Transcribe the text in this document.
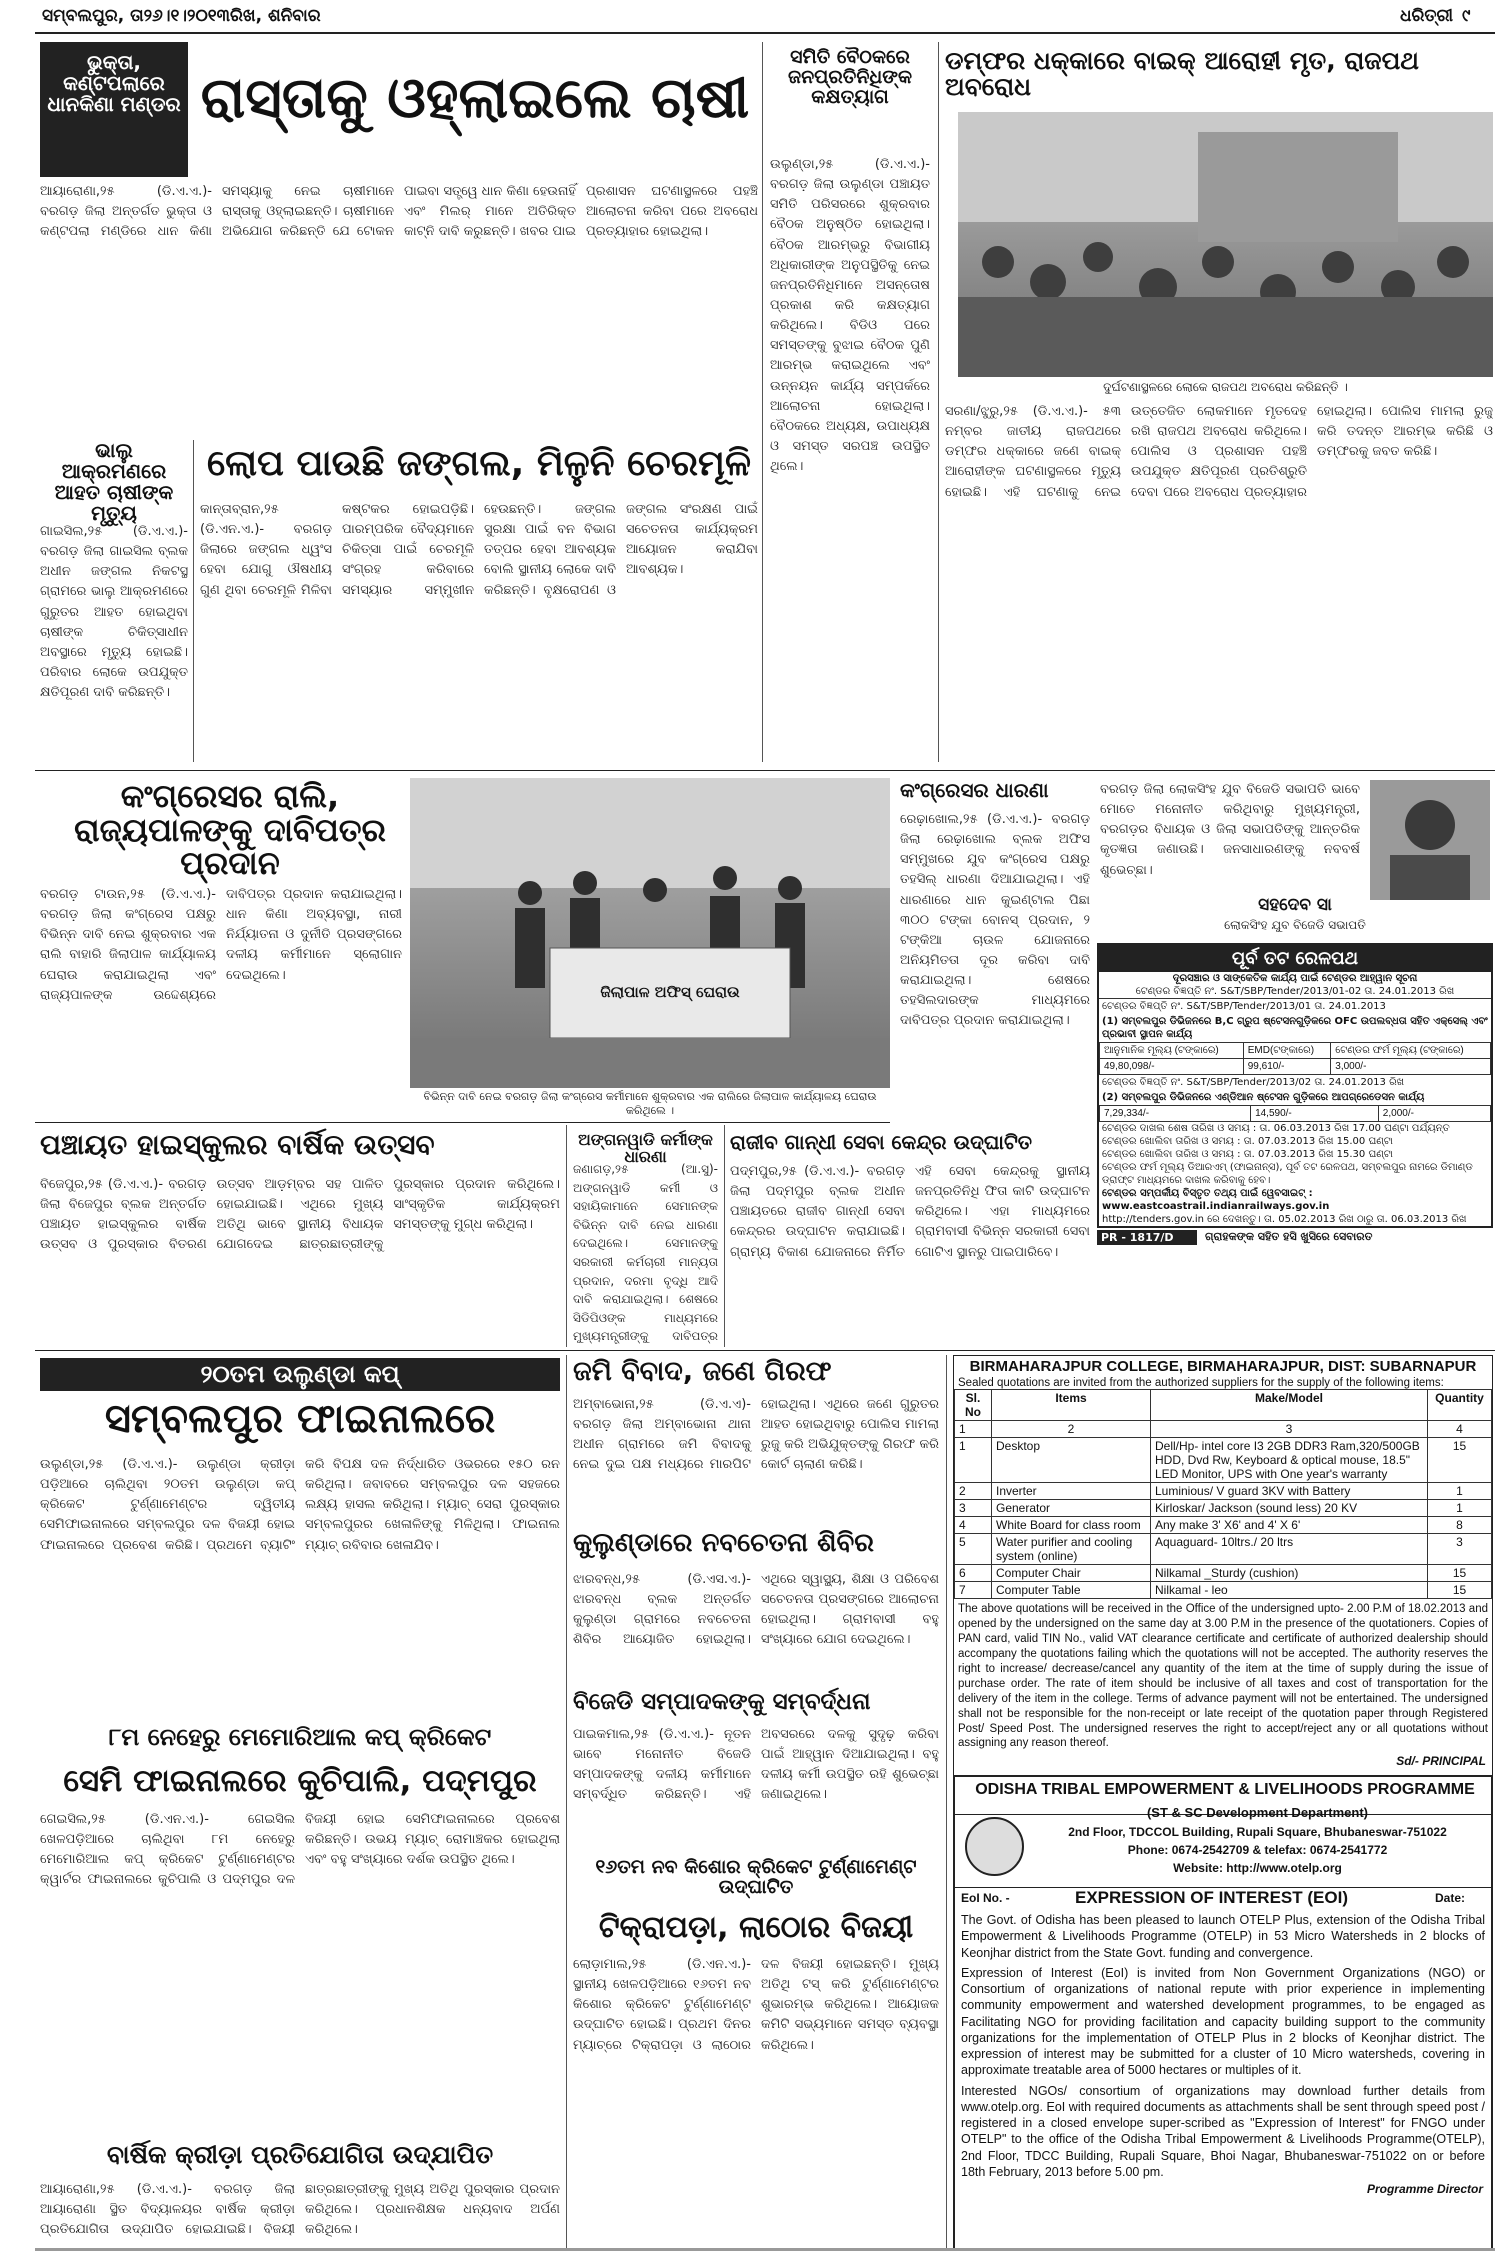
ସମ୍ବଲପୁର, ତା୨୬।୧।୨୦୧୩ରିଖ, ଶନିବାର	ଧରିତ୍ରୀ ୯
ଭୁକ୍ତା, କଣ୍ଟପଲାରେ ଧାନକିଣା ମଣ୍ଡର ରାସ୍ତାକୁ ଓହ୍ଲାଇଲେ ଚାଷୀ
ଆୟାରୋଣା,୨୫ (ଡି.ଏ.ଏ.)- ବରଗଡ଼ ଜିଲା ଅନ୍ତର୍ଗତ ଭୁକ୍ତା ଓ କଣ୍ଟପଲା ମଣ୍ଡିରେ ଧାନ କିଣା ସମସ୍ୟାକୁ ନେଇ ଚାଷୀମାନେ ରାସ୍ତାକୁ ଓହ୍ଲାଇଛନ୍ତି। ଚାଷୀମାନେ ଅଭିଯୋଗ କରିଛନ୍ତି ଯେ ଟୋକନ ପାଇବା ସତ୍ତ୍ୱେ ଧାନ କିଣା ହେଉନାହିଁ ଏବଂ ମିଲର୍ ମାନେ ଅତିରିକ୍ତ କାଟ୍‌ନି ଦାବି କରୁଛନ୍ତି। ଖବର ପାଇ ପ୍ରଶାସନ ଘଟଣାସ୍ଥଳରେ ପହଞ୍ଚି ଆଲୋଚନା କରିବା ପରେ ଅବରୋଧ ପ୍ରତ୍ୟାହାର ହୋଇଥିଲା।
ସମିତି ବୈଠକରେ ଜନପ୍ରତିନିଧିଙ୍କ କକ୍ଷତ୍ୟାଗ
ଉଲୁଣ୍ଡା,୨୫ (ଡି.ଏ.ଏ.)- ବରଗଡ଼ ଜିଲା ଉଲୁଣ୍ଡା ପଞ୍ଚାୟତ ସମିତି ପରିସରରେ ଶୁକ୍ରବାର ବୈଠକ ଅନୁଷ୍ଠିତ ହୋଇଥିଲା। ବୈଠକ ଆରମ୍ଭରୁ ବିଭାଗୀୟ ଅଧିକାରୀଙ୍କ ଅନୁପସ୍ଥିତିକୁ ନେଇ ଜନପ୍ରତିନିଧିମାନେ ଅସନ୍ତୋଷ ପ୍ରକାଶ କରି କକ୍ଷତ୍ୟାଗ କରିଥିଲେ। ବିଡିଓ ପରେ ସମସ୍ତଙ୍କୁ ବୁଝାଇ ବୈଠକ ପୁଣି ଆରମ୍ଭ କରାଇଥିଲେ ଏବଂ ଉନ୍ନୟନ କାର୍ଯ୍ୟ ସମ୍ପର୍କରେ ଆଲୋଚନା ହୋଇଥିଲା। ବୈଠକରେ ଅଧ୍ୟକ୍ଷ, ଉପାଧ୍ୟକ୍ଷ ଓ ସମସ୍ତ ସରପଞ୍ଚ ଉପସ୍ଥିତ ଥିଲେ।
ଡମ୍ଫର ଧକ୍କାରେ ବାଇକ୍ ଆରୋହୀ ମୃତ, ରାଜପଥ ଅବରୋଧ
ଦୁର୍ଘଟଣାସ୍ଥଳରେ ଲୋକେ ରାଜପଥ ଅବରୋଧ କରିଛନ୍ତି ।
ସରଣା/ଝୁରୁ,୨୫ (ଡି.ଏ.ଏ.)- ୫୩ ନମ୍ବର ଜାତୀୟ ରାଜପଥରେ ଡମ୍ଫର ଧକ୍କାରେ ଜଣେ ବାଇକ୍ ଆରୋହୀଙ୍କ ଘଟଣାସ୍ଥଳରେ ମୃତ୍ୟୁ ହୋଇଛି। ଏହି ଘଟଣାକୁ ନେଇ ଉତ୍ତେଜିତ ଲୋକମାନେ ମୃତଦେହ ରଖି ରାଜପଥ ଅବରୋଧ କରିଥିଲେ। ପୋଲିସ ଓ ପ୍ରଶାସନ ପହଞ୍ଚି ଉପଯୁକ୍ତ କ୍ଷତିପୂରଣ ପ୍ରତିଶ୍ରୁତି ଦେବା ପରେ ଅବରୋଧ ପ୍ରତ୍ୟାହାର ହୋଇଥିଲା। ପୋଲିସ ମାମଲା ରୁଜୁ କରି ତଦନ୍ତ ଆରମ୍ଭ କରିଛି ଓ ଡମ୍ଫରକୁ ଜବତ କରିଛି।
ଭାଲୁ ଆକ୍ରମଣରେ ଆହତ ଚାଷୀଙ୍କ ମୃତ୍ୟୁ
ଗାଇସିଲ,୨୫ (ଡି.ଏ.ଏ.)- ବରଗଡ଼ ଜିଲା ଗାଇସିଲ ବ୍ଲକ ଅଧୀନ ଜଙ୍ଗଲ ନିକଟସ୍ଥ ଗ୍ରାମରେ ଭାଲୁ ଆକ୍ରମଣରେ ଗୁରୁତର ଆହତ ହୋଇଥିବା ଚାଷୀଙ୍କ ଚିକିତ୍ସାଧୀନ ଅବସ୍ଥାରେ ମୃତ୍ୟୁ ହୋଇଛି। ପରିବାର ଲୋକେ ଉପଯୁକ୍ତ କ୍ଷତିପୂରଣ ଦାବି କରିଛନ୍ତି।
ଲୋପ ପାଉଛି ଜଙ୍ଗଲ, ମିଳୁନି ଚେରମୂଳି
କାନ୍ତାବ୍ରାନ,୨୫ (ଡି.ଏନ.ଏ.)- ବରଗଡ଼ ଜିଲାରେ ଜଙ୍ଗଲ ଧ୍ୱଂସ ହେବା ଯୋଗୁ ଔଷଧୀୟ ଗୁଣ ଥିବା ଚେରମୂଳି ମିଳିବା କଷ୍ଟକର ହୋଇପଡ଼ିଛି। ପାରମ୍ପରିକ ବୈଦ୍ୟମାନେ ଚିକିତ୍ସା ପାଇଁ ଚେରମୂଳି ସଂଗ୍ରହ କରିବାରେ ସମସ୍ୟାର ସମ୍ମୁଖୀନ ହେଉଛନ୍ତି। ଜଙ୍ଗଲ ସୁରକ୍ଷା ପାଇଁ ବନ ବିଭାଗ ତତ୍ପର ହେବା ଆବଶ୍ୟକ ବୋଲି ସ୍ଥାନୀୟ ଲୋକେ ଦାବି କରିଛନ୍ତି। ବୃକ୍ଷରୋପଣ ଓ ଜଙ୍ଗଲ ସଂରକ୍ଷଣ ପାଇଁ ସଚେତନତା କାର୍ଯ୍ୟକ୍ରମ ଆୟୋଜନ କରାଯିବା ଆବଶ୍ୟକ।
କଂଗ୍ରେସର ରାଲି, ରାଜ୍ୟପାଳଙ୍କୁ ଦାବିପତ୍ର ପ୍ରଦାନ
ବରଗଡ଼ ଟାଉନ,୨୫ (ଡି.ଏ.ଏ.)- ବରଗଡ଼ ଜିଲା କଂଗ୍ରେସ ପକ୍ଷରୁ ବିଭିନ୍ନ ଦାବି ନେଇ ଶୁକ୍ରବାର ଏକ ରାଲି ବାହାରି ଜିଲାପାଳ କାର୍ଯ୍ୟାଳୟ ଘେରାଉ କରାଯାଇଥିଲା ଏବଂ ରାଜ୍ୟପାଳଙ୍କ ଉଦ୍ଦେଶ୍ୟରେ ଦାବିପତ୍ର ପ୍ରଦାନ କରାଯାଇଥିଲା। ଧାନ କିଣା ଅବ୍ୟବସ୍ଥା, ନାରୀ ନିର୍ଯ୍ୟାତନା ଓ ଦୁର୍ନୀତି ପ୍ରସଙ୍ଗରେ ଦଳୀୟ କର୍ମୀମାନେ ସ୍ଲୋଗାନ ଦେଇଥିଲେ।
ଜିଲାପାଳ ଅଫିସ୍ ଘେରାଉ
ବିଭିନ୍ନ ଦାବି ନେଇ ବରଗଡ଼ ଜିଲା କଂଗ୍ରେସ କର୍ମୀମାନେ ଶୁକ୍ରବାର ଏକ ରାଲିରେ ଜିଲାପାଳ କାର୍ଯ୍ୟାଳୟ ଘେରାଉ କରିଥିଲେ ।
କଂଗ୍ରେସର ଧାରଣା
ରେଢ଼ାଖୋଲ,୨୫ (ଡି.ଏ.ଏ.)- ବରଗଡ଼ ଜିଲା ରେଢ଼ାଖୋଲ ବ୍ଲକ ଅଫିସ ସମ୍ମୁଖରେ ଯୁବ କଂଗ୍ରେସ ପକ୍ଷରୁ ତହସିଲ୍ ଧାରଣା ଦିଆଯାଇଥିଲା। ଏହି ଧାରଣାରେ ଧାନ କୁଇଣ୍ଟାଲ ପିଛା ୩୦୦ ଟଙ୍କା ବୋନସ୍ ପ୍ରଦାନ, ୨ ଟଙ୍କିଆ ଚାଉଳ ଯୋଜନାରେ ଅନିୟମିତତା ଦୂର କରିବା ଦାବି କରାଯାଇଥିଲା। ଶେଷରେ ତହସିଲଦାରଙ୍କ ମାଧ୍ୟମରେ ଦାବିପତ୍ର ପ୍ରଦାନ କରାଯାଇଥିଲା।
ବରଗଡ଼ ଜିଲା ଲୋକସିଂହ ଯୁବ ବିଜେଡି ସଭାପତି ଭାବେ ମୋତେ ମନୋନୀତ କରିଥିବାରୁ ମୁଖ୍ୟମନ୍ତ୍ରୀ, ବରଗଡ଼ର ବିଧାୟକ ଓ ଜିଲା ସଭାପତିଙ୍କୁ ଆନ୍ତରିକ କୃତଜ୍ଞତା ଜଣାଉଛି। ଜନସାଧାରଣଙ୍କୁ ନବବର୍ଷ ଶୁଭେଚ୍ଛା।
ସହଦେବ ସା
ଲୋକସିଂହ ଯୁବ ବିଜେଡି ସଭାପତି
ପୂର୍ବ ତଟ ରେଳପଥ
ଦୂରସଞ୍ଚାର ଓ ସାଙ୍କେତିକ କାର୍ଯ୍ୟ ପାଇଁ ଟେଣ୍ଡର ଆହ୍ୱାନ ସୂଚନା
ଟେଣ୍ଡର ବିଜ୍ଞପ୍ତି ନଂ. S&T/SBP/Tender/2013/01-02 ତା. 24.01.2013 ରିଖ
ଟେଣ୍ଡର ବିଜ୍ଞପ୍ତି ନଂ. S&T/SBP/Tender/2013/01 ତା. 24.01.2013
(1) ସମ୍ବଲପୁର ଡିଭିଜନରେ B,C ଗ୍ରୁପ ଷ୍ଟେସନଗୁଡ଼ିକରେ OFC ଉପଲବ୍ଧତା ସହିତ ଏକ୍ସେଲ୍ ଏବଂ ପ୍ରଭାବୀ ସ୍ଥାପନ କାର୍ଯ୍ୟ
ଆନୁମାନିକ ମୂଲ୍ୟ (ଟଙ୍କାରେ)	EMD(ଟଙ୍କାରେ)	ଟେଣ୍ଡର ଫର୍ମ ମୂଲ୍ୟ (ଟଙ୍କାରେ)
49,80,098/-	99,610/-	3,000/-
ଟେଣ୍ଡର ବିଜ୍ଞପ୍ତି ନଂ. S&T/SBP/Tender/2013/02 ତା. 24.01.2013 ରିଖ
(2) ସମ୍ବଲପୁର ଡିଭିଜନରେ ଏଣ୍ଡିଆନ ଷ୍ଟେସନ ଗୁଡ଼ିକରେ ଆପଗ୍ରେଡେସନ କାର୍ଯ୍ୟ
7,29,334/-	14,590/-	2,000/-
ଟେଣ୍ଡର ଦାଖଲ ଶେଷ ତାରିଖ ଓ ସମୟ : ତା. 06.03.2013 ରିଖ 17.00 ଘଣ୍ଟା ପର୍ଯ୍ୟନ୍ତ
ଟେଣ୍ଡର ଖୋଲିବା ତାରିଖ ଓ ସମୟ : ତା. 07.03.2013 ରିଖ 15.00 ଘଣ୍ଟା
ଟେଣ୍ଡର ଖୋଲିବା ତାରିଖ ଓ ସମୟ : ତା. 07.03.2013 ରିଖ 15.30 ଘଣ୍ଟା
ଟେଣ୍ଡର ଫର୍ମ ମୂଲ୍ୟ ଡିଆରଏମ୍ (ଫାଇନାନ୍ସ), ପୂର୍ବ ତଟ ରେଳପଥ, ସମ୍ବଲପୁର ନାମରେ ଡିମାଣ୍ଡ ଡ୍ରାଫ୍ଟ ମାଧ୍ୟମରେ ଦାଖଲ କରିବାକୁ ହେବ।
ଟେଣ୍ଡର ସମ୍ପର୍କୀୟ ବିସ୍ତୃତ ତଥ୍ୟ ପାଇଁ ୱେବସାଇଟ୍ : www.eastcoastrail.indianrailways.gov.in
http://tenders.gov.in ରେ ଦେଖନ୍ତୁ। ତା. 05.02.2013 ରିଖ ଠାରୁ ତା. 06.03.2013 ରିଖ
PR - 1817/D	ଗ୍ରାହକଙ୍କ ସହିତ ହସି ଖୁସିରେ ସେବାରତ
ପଞ୍ଚାୟତ ହାଇସ୍କୁଲର ବାର୍ଷିକ ଉତ୍ସବ
ବିଜେପୁର,୨୫ (ଡି.ଏ.ଏ.)- ବରଗଡ଼ ଜିଲା ବିଜେପୁର ବ୍ଲକ ଅନ୍ତର୍ଗତ ପଞ୍ଚାୟତ ହାଇସ୍କୁଲର ବାର୍ଷିକ ଉତ୍ସବ ଓ ପୁରସ୍କାର ବିତରଣ ଉତ୍ସବ ଆଡ଼ମ୍ବର ସହ ପାଳିତ ହୋଇଯାଇଛି। ଏଥିରେ ମୁଖ୍ୟ ଅତିଥି ଭାବେ ସ୍ଥାନୀୟ ବିଧାୟକ ଯୋଗଦେଇ ଛାତ୍ରଛାତ୍ରୀଙ୍କୁ ପୁରସ୍କାର ପ୍ରଦାନ କରିଥିଲେ। ସାଂସ୍କୃତିକ କାର୍ଯ୍ୟକ୍ରମ ସମସ୍ତଙ୍କୁ ମୁଗ୍ଧ କରିଥିଲା।
ଅଙ୍ଗନୱାଡି କର୍ମୀଙ୍କ ଧାରଣା
ଜଣାଗଡ଼,୨୫ (ଆ.ସୁ)- ଅଙ୍ଗନୱାଡି କର୍ମୀ ଓ ସହାୟିକାମାନେ ସେମାନଙ୍କ ବିଭିନ୍ନ ଦାବି ନେଇ ଧାରଣା ଦେଇଥିଲେ। ସେମାନଙ୍କୁ ସରକାରୀ କର୍ମଚାରୀ ମାନ୍ୟତା ପ୍ରଦାନ, ଦରମା ବୃଦ୍ଧି ଆଦି ଦାବି କରାଯାଇଥିଲା। ଶେଷରେ ସିଡିପିଓଙ୍କ ମାଧ୍ୟମରେ ମୁଖ୍ୟମନ୍ତ୍ରୀଙ୍କୁ ଦାବିପତ୍ର
ରାଜୀବ ଗାନ୍ଧୀ ସେବା କେନ୍ଦ୍ର ଉଦ୍‌ଘାଟିତ
ପଦ୍ମପୁର,୨୫ (ଡି.ଏ.ଏ.)- ବରଗଡ଼ ଜିଲା ପଦ୍ମପୁର ବ୍ଲକ ଅଧୀନ ପଞ୍ଚାୟତରେ ରାଜୀବ ଗାନ୍ଧୀ ସେବା କେନ୍ଦ୍ରର ଉଦ୍‌ଘାଟନ କରାଯାଇଛି। ଗ୍ରାମ୍ୟ ବିକାଶ ଯୋଜନାରେ ନିର୍ମିତ ଏହି ସେବା କେନ୍ଦ୍ରକୁ ସ୍ଥାନୀୟ ଜନପ୍ରତିନିଧି ଫିତା କାଟି ଉଦ୍‌ଘାଟନ କରିଥିଲେ। ଏହା ମାଧ୍ୟମରେ ଗ୍ରାମବାସୀ ବିଭିନ୍ନ ସରକାରୀ ସେବା ଗୋଟିଏ ସ୍ଥାନରୁ ପାଇପାରିବେ।
୨୦ତମ ଉଲୁଣ୍ଡା କପ୍
ସମ୍ବଲପୁର ଫାଇନାଲରେ
ଉଲୁଣ୍ଡା,୨୫ (ଡି.ଏ.ଏ.)- ଉଲୁଣ୍ଡା କ୍ରୀଡ଼ା ପଡ଼ିଆରେ ଚାଲିଥିବା ୨୦ତମ ଉଲୁଣ୍ଡା କପ୍ କ୍ରିକେଟ ଟୁର୍ଣ୍ଣାମେଣ୍ଟର ଦ୍ୱିତୀୟ ସେମିଫାଇନାଲରେ ସମ୍ବଲପୁର ଦଳ ବିଜୟୀ ହୋଇ ଫାଇନାଲରେ ପ୍ରବେଶ କରିଛି। ପ୍ରଥମେ ବ୍ୟାଟିଂ କରି ବିପକ୍ଷ ଦଳ ନିର୍ଦ୍ଧାରିତ ଓଭରରେ ୧୫୦ ରନ କରିଥିଲା। ଜବାବରେ ସମ୍ବଲପୁର ଦଳ ସହଜରେ ଲକ୍ଷ୍ୟ ହାସଲ କରିଥିଲା। ମ୍ୟାଚ୍ ସେରା ପୁରସ୍କାର ସମ୍ବଲପୁରର ଖେଳାଳିଙ୍କୁ ମିଳିଥିଲା। ଫାଇନାଲ ମ୍ୟାଚ୍ ରବିବାର ଖେଳାଯିବ।
୮ମ ନେହେରୁ ମେମୋରିଆଲ କପ୍ କ୍ରିକେଟ
ସେମି ଫାଇନାଲରେ କୁଚିପାଲି, ପଦ୍ମପୁର
ଗେଇସିଲ,୨୫ (ଡି.ଏନ.ଏ.)- ଗେଇସିଲ ଖେଳପଡ଼ିଆରେ ଚାଲିଥିବା ୮ମ ନେହେରୁ ମେମୋରିଆଲ କପ୍ କ୍ରିକେଟ ଟୁର୍ଣ୍ଣାମେଣ୍ଟର କ୍ୱାର୍ଟର ଫାଇନାଲରେ କୁଚିପାଲି ଓ ପଦ୍ମପୁର ଦଳ ବିଜୟୀ ହୋଇ ସେମିଫାଇନାଲରେ ପ୍ରବେଶ କରିଛନ୍ତି। ଉଭୟ ମ୍ୟାଚ୍ ରୋମାଞ୍ଚକର ହୋଇଥିଲା ଏବଂ ବହୁ ସଂଖ୍ୟାରେ ଦର୍ଶକ ଉପସ୍ଥିତ ଥିଲେ।
ବାର୍ଷିକ କ୍ରୀଡ଼ା ପ୍ରତିଯୋଗିତା ଉଦ୍‌ଯାପିତ
ଆୟାରୋଣା,୨୫ (ଡି.ଏ.ଏ.)- ବରଗଡ଼ ଜିଲା ଆୟାରୋଣା ସ୍ଥିତ ବିଦ୍ୟାଳୟର ବାର୍ଷିକ କ୍ରୀଡ଼ା ପ୍ରତିଯୋଗିତା ଉଦ୍‌ଯାପିତ ହୋଇଯାଇଛି। ବିଜୟୀ ଛାତ୍ରଛାତ୍ରୀଙ୍କୁ ମୁଖ୍ୟ ଅତିଥି ପୁରସ୍କାର ପ୍ରଦାନ କରିଥିଲେ। ପ୍ରଧାନଶିକ୍ଷକ ଧନ୍ୟବାଦ ଅର୍ପଣ କରିଥିଲେ।
ଜମି ବିବାଦ, ଜଣେ ଗିରଫ
ଅମ୍ବାଭୋନା,୨୫ (ଡି.ଏ.ଏ)- ବରଗଡ଼ ଜିଲା ଅମ୍ବାଭୋନା ଥାନା ଅଧୀନ ଗ୍ରାମରେ ଜମି ବିବାଦକୁ ନେଇ ଦୁଇ ପକ୍ଷ ମଧ୍ୟରେ ମାରପିଟ ହୋଇଥିଲା। ଏଥିରେ ଜଣେ ଗୁରୁତର ଆହତ ହୋଇଥିବାରୁ ପୋଲିସ ମାମଲା ରୁଜୁ କରି ଅଭିଯୁକ୍ତଙ୍କୁ ଗିରଫ କରି କୋର୍ଟ ଚାଲାଣ କରିଛି।
କୁଲୁଣ୍ଡାରେ ନବଚେତନା ଶିବିର
ଝାରବନ୍ଧ,୨୫ (ଡି.ଏସ.ଏ.)- ଝାରବନ୍ଧ ବ୍ଲକ ଅନ୍ତର୍ଗତ କୁଲୁଣ୍ଡା ଗ୍ରାମରେ ନବଚେତନା ଶିବିର ଆୟୋଜିତ ହୋଇଥିଲା। ଏଥିରେ ସ୍ୱାସ୍ଥ୍ୟ, ଶିକ୍ଷା ଓ ପରିବେଶ ସଚେତନତା ପ୍ରସଙ୍ଗରେ ଆଲୋଚନା ହୋଇଥିଲା। ଗ୍ରାମବାସୀ ବହୁ ସଂଖ୍ୟାରେ ଯୋଗ ଦେଇଥିଲେ।
ବିଜେଡି ସମ୍ପାଦକଙ୍କୁ ସମ୍ବର୍ଦ୍ଧନା
ପାଇକମାଲ,୨୫ (ଡି.ଏ.ଏ.)- ନୂତନ ଭାବେ ମନୋନୀତ ବିଜେଡି ସମ୍ପାଦକଙ୍କୁ ଦଳୀୟ କର୍ମୀମାନେ ସମ୍ବର୍ଦ୍ଧିତ କରିଛନ୍ତି। ଏହି ଅବସରରେ ଦଳକୁ ସୁଦୃଢ଼ କରିବା ପାଇଁ ଆହ୍ୱାନ ଦିଆଯାଇଥିଲା। ବହୁ ଦଳୀୟ କର୍ମୀ ଉପସ୍ଥିତ ରହି ଶୁଭେଚ୍ଛା ଜଣାଇଥିଲେ।
୧୬ତମ ନବ କିଶୋର କ୍ରିକେଟ ଟୁର୍ଣ୍ଣାମେଣ୍ଟ ଉଦ୍‌ଘାଟିତ
ଟିକ୍ରାପଡ଼ା, ଲାଠୋର ବିଜୟୀ
ଲୋଡ଼ାମାଲ,୨୫ (ଡି.ଏନ.ଏ.)- ସ୍ଥାନୀୟ ଖେଳପଡ଼ିଆରେ ୧୬ତମ ନବ କିଶୋର କ୍ରିକେଟ ଟୁର୍ଣ୍ଣାମେଣ୍ଟ ଉଦ୍‌ଘାଟିତ ହୋଇଛି। ପ୍ରଥମ ଦିନର ମ୍ୟାଚ୍‌ରେ ଟିକ୍ରାପଡ଼ା ଓ ଲାଠୋର ଦଳ ବିଜୟୀ ହୋଇଛନ୍ତି। ମୁଖ୍ୟ ଅତିଥି ଟସ୍ କରି ଟୁର୍ଣ୍ଣାମେଣ୍ଟର ଶୁଭାରମ୍ଭ କରିଥିଲେ। ଆୟୋଜକ କମିଟି ସଭ୍ୟମାନେ ସମସ୍ତ ବ୍ୟବସ୍ଥା କରିଥିଲେ।
BIRMAHARAJPUR COLLEGE, BIRMAHARAJPUR, DIST: SUBARNAPUR
Sealed quotations are invited from the authorized suppliers for the supply of the following items:
Sl. No	Items	Make/Model	Quantity
1	2	3	4
1	Desktop	Dell/Hp- intel core I3 2GB DDR3 Ram,320/500GB HDD, Dvd Rw, Keyboard & optical mouse, 18.5" LED Monitor, UPS with One year's warranty	15
2	Inverter	Luminious/ V guard 3KV with Battery	1
3	Generator	Kirloskar/ Jackson (sound less) 20 KV	1
4	White Board for class room	Any make 3' X6' and 4' X 6'	8
5	Water purifier and cooling system (online)	Aquaguard- 10ltrs./ 20 ltrs	3
6	Computer Chair	Nilkamal _Sturdy (cushion)	15
7	Computer Table	Nilkamal - leo	15
The above quotations will be received in the Office of the undersigned upto- 2.00 P.M of 18.02.2013 and opened by the undersigned on the same day at 3.00 P.M in the presence of the quotationers. Copies of PAN card, valid TIN No., valid VAT clearance certificate and certificate of authorized dealership should accompany the quotations failing which the quotations will not be accepted. The authority reserves the right to increase/ decrease/cancel any quantity of the item at the time of supply during the issue of purchase order. The rate of item should be inclusive of all taxes and cost of transportation for the delivery of the item in the college. Terms of advance payment will not be entertained. The undersigned shall not be responsible for the non-receipt or late receipt of the quotation paper through Registered Post/ Speed Post. The undersigned reserves the right to accept/reject any or all quotations without assigning any reason thereof.
Sd/- PRINCIPAL
ODISHA TRIBAL EMPOWERMENT & LIVELIHOODS PROGRAMME
(ST & SC Development Department)
2nd Floor, TDCCOL Building, Rupali Square, Bhubaneswar-751022
Phone: 0674-2542709 & telefax: 0674-2541772
Website: http://www.otelp.org
EoI No. -	EXPRESSION OF INTEREST (EOI)	Date:
The Govt. of Odisha has been pleased to launch OTELP Plus, extension of the Odisha Tribal Empowerment & Livelihoods Programme (OTELP) in 53 Micro Watersheds in 2 blocks of Keonjhar district from the State Govt. funding and convergence.
Expression of Interest (EoI) is invited from Non Government Organizations (NGO) or Consortium of organizations of national repute with prior experience in implementing community empowerment and watershed development programmes, to be engaged as Facilitating NGO for providing facilitation and capacity building support to the community organizations for the implementation of OTELP Plus in 2 blocks of Keonjhar district. The expression of interest may be submitted for a cluster of 10 Micro watersheds, covering in approximate treatable area of 5000 hectares or multiples of it.
Interested NGOs/ consortium of organizations may download further details from www.otelp.org. EoI with required documents as attachments shall be sent through speed post / registered in a closed envelope super-scribed as "Expression of Interest" for FNGO under OTELP" to the office of the Odisha Tribal Empowerment & Livelihoods Programme(OTELP), 2nd Floor, TDCC Building, Rupali Square, Bhoi Nagar, Bhubaneswar-751022 on or before 18th February, 2013 before 5.00 pm.
Programme Director
